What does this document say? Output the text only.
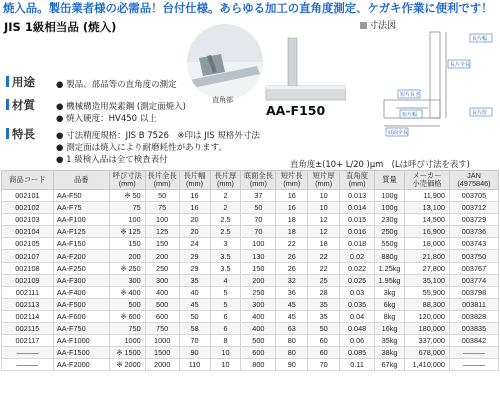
焼入品。製缶業者様の必需品！台付仕様。あらゆる加工の直角度測定、ケガキ作業に便利です！
JIS 1級相当品 (焼入)
直角部
AA-F150
寸法図
長片全長
底面全長
短片長さ
長片幅
長片厚
短片幅
用途 ● 製品、部品等の直角度の測定
材質 ● 機械構造用炭素鋼 (測定面焼入)
● 焼入硬度：HV450 以上
特長 ● 寸法精度規格：JIS B 7526　※印は JIS 規格外寸法
● 測定面は焼入により耐磨耗性があります。
● 1 級検入品は全て検査表付	直角度±(10+ L/20 )μm　(Lは呼び寸法を表す)
商品コード	品番	呼び寸法
(mm)	長片全長
(mm)	長片幅
(mm)	長片厚
(mm)	底面全長
(mm)	短片長
(mm)	短片厚
(mm)	直角度
(mm)	質量	メーカー
小売価格	JAN
(4975846)
002101	AA-F50	※ 50	50	16	2	37	16	10	0.013	100g	11,900	003705
002102	AA-F75	75	75	16	2	50	16	10	0.014	100g	13,100	003712
002103	AA-F100	100	100	20	2.5	70	18	12	0.015	230g	14,500	003729
002104	AA-F125	※ 125	125	20	2.5	70	18	12	0.016	250g	16,900	003736
002105	AA-F150	150	150	24	3	100	22	18	0.018	550g	18,000	003743
002107	AA-F200	200	200	29	3.5	130	26	22	0.02	880g	21,800	003750
002108	AA-F250	※ 250	250	29	3.5	150	26	22	0.022	1.25kg	27,800	003767
002109	AA-F300	300	300	35	4	200	32	25	0.025	1.95kg	35,100	003774
002111	AA-F400	※ 400	400	40	5	250	36	28	0.03	3kg	55,900	003798
002113	AA-F500	500	500	45	5	300	45	35	0.035	6kg	88,300	003811
002114	AA-F600	※ 600	600	50	6	400	45	35	0.04	8kg	120,000	003828
002115	AA-F750	750	750	58	6	400	63	50	0.048	16kg	180,000	003835
002117	AA-F1000	1000	1000	70	8	500	80	60	0.06	35kg	337,000	003842
———	AA-F1500	※ 1500	1500	90	10	600	80	60	0.085	38kg	678,000	———
———	AA-F2000	※ 2000	2000	110	10	800	90	70	0.11	67kg	1,410,000	———
